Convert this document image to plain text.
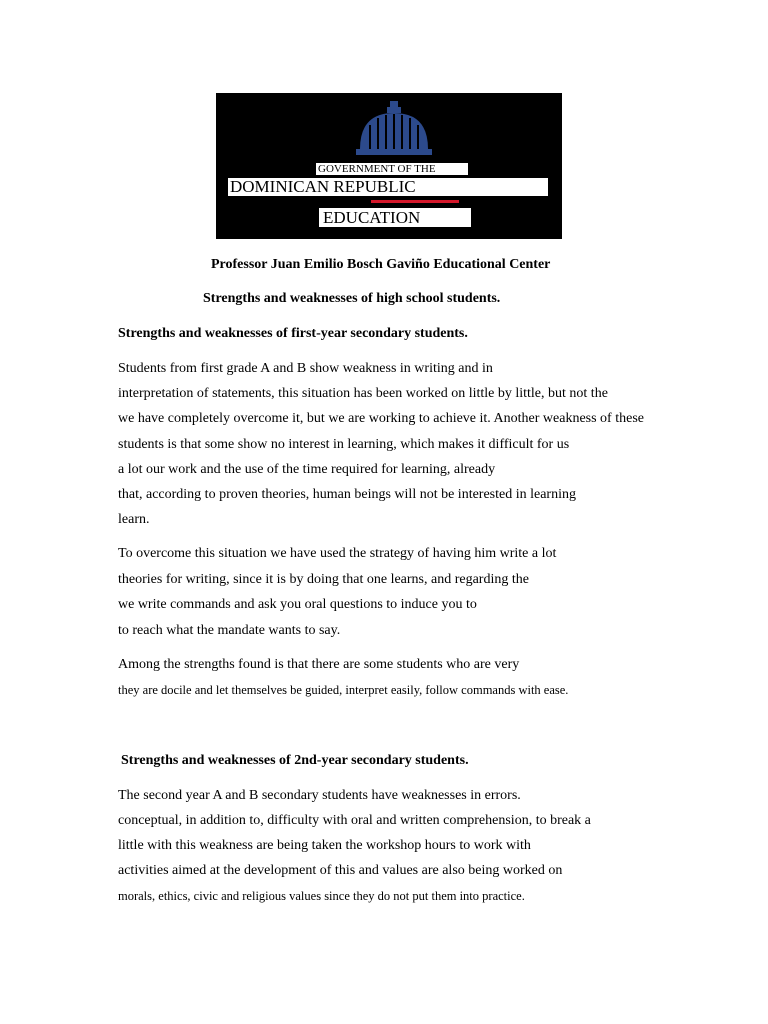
GOVERNMENT OF THE
DOMINICAN REPUBLIC
EDUCATION
Professor Juan Emilio Bosch Gaviño Educational Center
Strengths and weaknesses of high school students.
Strengths and weaknesses of first-year secondary students.
Students from first grade A and B show weakness in writing and in
interpretation of statements, this situation has been worked on little by little, but not the
we have completely overcome it, but we are working to achieve it. Another weakness of these
students is that some show no interest in learning, which makes it difficult for us
a lot our work and the use of the time required for learning, already
that, according to proven theories, human beings will not be interested in learning
learn.
To overcome this situation we have used the strategy of having him write a lot
theories for writing, since it is by doing that one learns, and regarding the
we write commands and ask you oral questions to induce you to
to reach what the mandate wants to say.
Among the strengths found is that there are some students who are very
they are docile and let themselves be guided, interpret easily, follow commands with ease.
Strengths and weaknesses of 2nd-year secondary students.
The second year A and B secondary students have weaknesses in errors.
conceptual, in addition to, difficulty with oral and written comprehension, to break a
little with this weakness are being taken the workshop hours to work with
activities aimed at the development of this and values are also being worked on
morals, ethics, civic and religious values since they do not put them into practice.
